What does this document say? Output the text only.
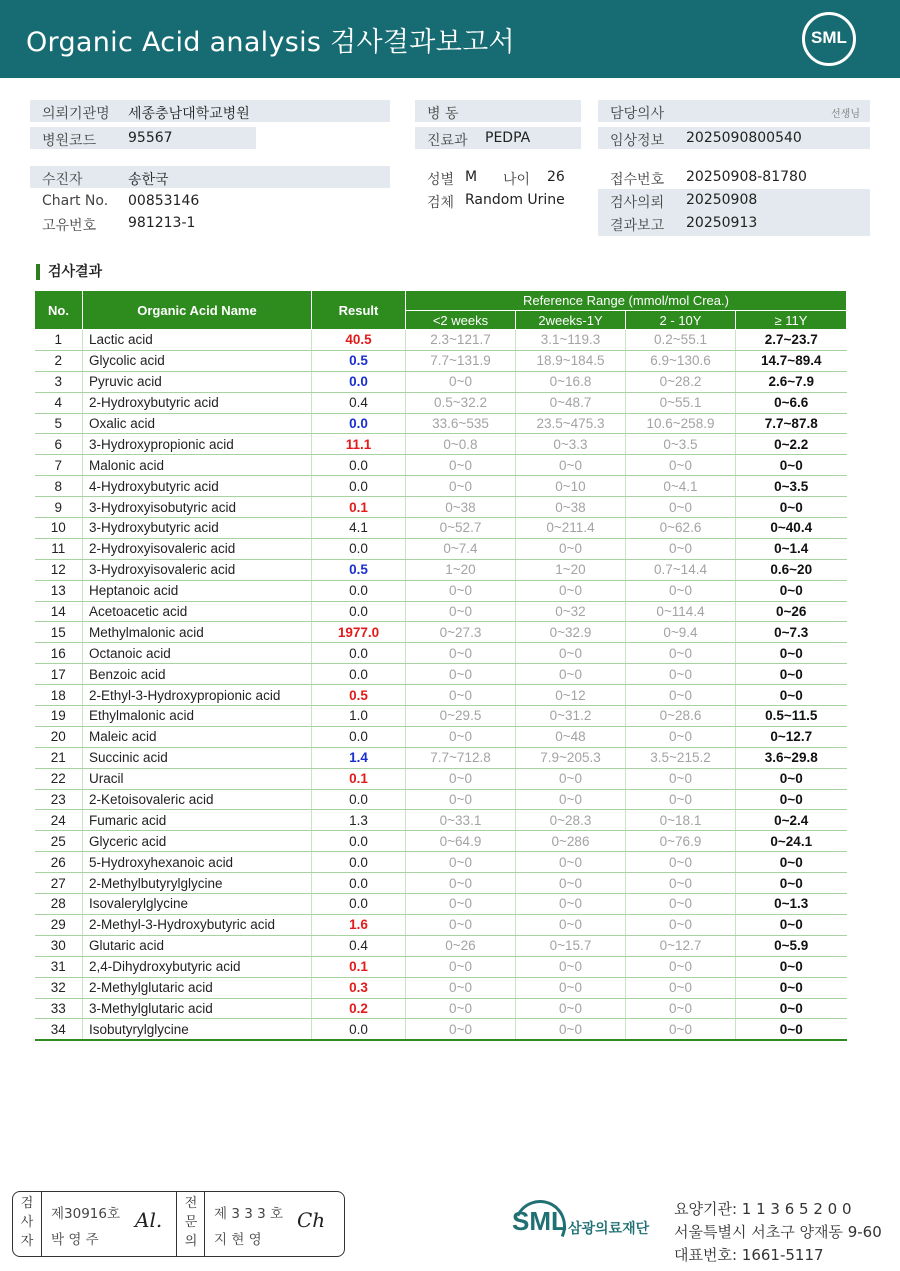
Organic Acid analysis 검사결과보고서	SML
의뢰기관명 세종충남대학교병원
병원코드 95567
병 동
진료과 PEDPA
담당의사	선생님
임상정보 2025090800540
수진자	송한국
Chart No. 00853146
고유번호 981213-1
성별 M 나이 26
검체 Random Urine
접수번호 20250908-81780
검사의뢰 20250908
결과보고 20250913
검사결과
No.	Organic Acid Name	Result	Reference Range (mmol/mol Crea.)			
			<2 weeks	2weeks-1Y	2 - 10Y	≥ 11Y
1	Lactic acid	40.5	2.3~121.7	3.1~119.3	0.2~55.1	2.7~23.7
2	Glycolic acid	0.5	7.7~131.9	18.9~184.5	6.9~130.6	14.7~89.4
3	Pyruvic acid	0.0	0~0	0~16.8	0~28.2	2.6~7.9
4	2-Hydroxybutyric acid	0.4	0.5~32.2	0~48.7	0~55.1	0~6.6
5	Oxalic acid	0.0	33.6~535	23.5~475.3	10.6~258.9	7.7~87.8
6	3-Hydroxypropionic acid	11.1	0~0.8	0~3.3	0~3.5	0~2.2
7	Malonic acid	0.0	0~0	0~0	0~0	0~0
8	4-Hydroxybutyric acid	0.0	0~0	0~10	0~4.1	0~3.5
9	3-Hydroxyisobutyric acid	0.1	0~38	0~38	0~0	0~0
10	3-Hydroxybutyric acid	4.1	0~52.7	0~211.4	0~62.6	0~40.4
11	2-Hydroxyisovaleric acid	0.0	0~7.4	0~0	0~0	0~1.4
12	3-Hydroxyisovaleric acid	0.5	1~20	1~20	0.7~14.4	0.6~20
13	Heptanoic acid	0.0	0~0	0~0	0~0	0~0
14	Acetoacetic acid	0.0	0~0	0~32	0~114.4	0~26
15	Methylmalonic acid	1977.0	0~27.3	0~32.9	0~9.4	0~7.3
16	Octanoic acid	0.0	0~0	0~0	0~0	0~0
17	Benzoic acid	0.0	0~0	0~0	0~0	0~0
18	2-Ethyl-3-Hydroxypropionic acid	0.5	0~0	0~12	0~0	0~0
19	Ethylmalonic acid	1.0	0~29.5	0~31.2	0~28.6	0.5~11.5
20	Maleic acid	0.0	0~0	0~48	0~0	0~12.7
21	Succinic acid	1.4	7.7~712.8	7.9~205.3	3.5~215.2	3.6~29.8
22	Uracil	0.1	0~0	0~0	0~0	0~0
23	2-Ketoisovaleric acid	0.0	0~0	0~0	0~0	0~0
24	Fumaric acid	1.3	0~33.1	0~28.3	0~18.1	0~2.4
25	Glyceric acid	0.0	0~64.9	0~286	0~76.9	0~24.1
26	5-Hydroxyhexanoic acid	0.0	0~0	0~0	0~0	0~0
27	2-Methylbutyrylglycine	0.0	0~0	0~0	0~0	0~0
28	Isovalerylglycine	0.0	0~0	0~0	0~0	0~1.3
29	2-Methyl-3-Hydroxybutyric acid	1.6	0~0	0~0	0~0	0~0
30	Glutaric acid	0.4	0~26	0~15.7	0~12.7	0~5.9
31	2,4-Dihydroxybutyric acid	0.1	0~0	0~0	0~0	0~0
32	2-Methylglutaric acid	0.3	0~0	0~0	0~0	0~0
33	3-Methylglutaric acid	0.2	0~0	0~0	0~0	0~0
34	Isobutyrylglycine	0.0	0~0	0~0	0~0	0~0
검
사
자
제30916호
박 영 주
Al.
전
문
의
제 3 3 3 호
지 현 영
Ch	SML 삼광의료재단
요양기관: 1 1 3 6 5 2 0 0
서울특별시 서초구 양재동 9-60
대표번호: 1661-5117
